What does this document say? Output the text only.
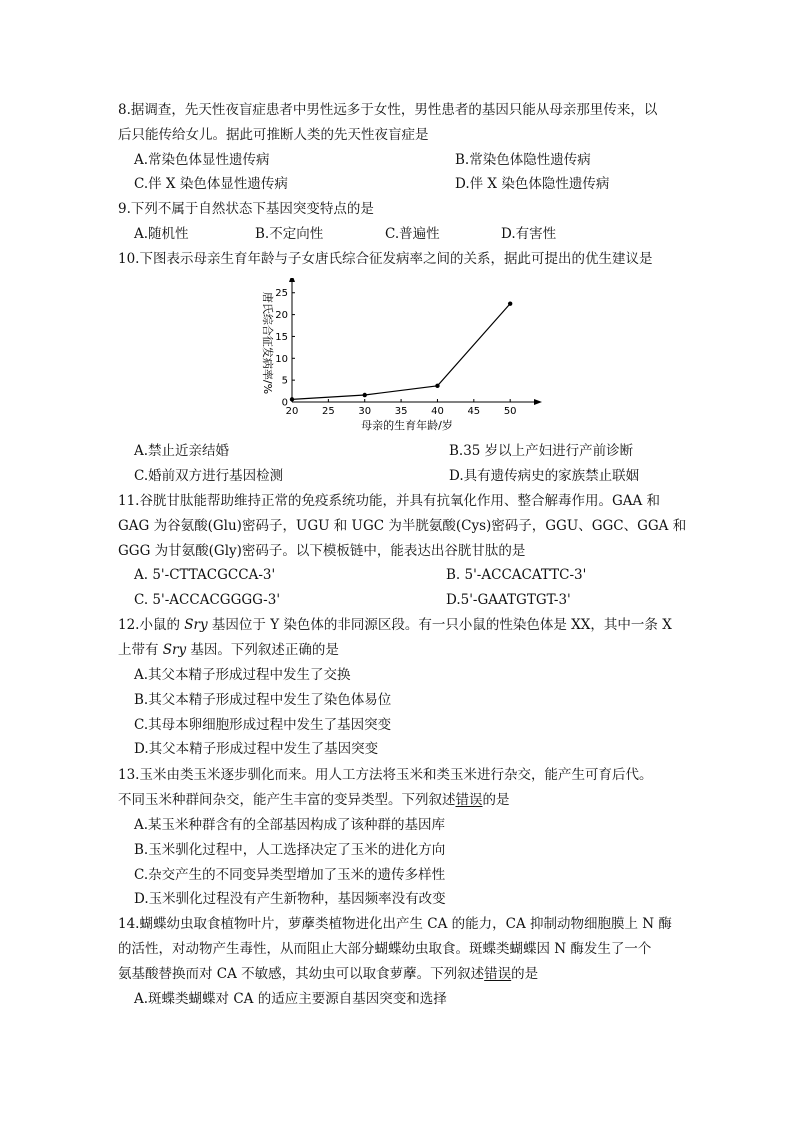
8.据调查，先天性夜盲症患者中男性远多于女性，男性患者的基因只能从母亲那里传来，以
后只能传给女儿。据此可推断人类的先天性夜盲症是
A.常染色体显性遗传病	B.常染色体隐性遗传病
C.伴 X 染色体显性遗传病	D.伴 X 染色体隐性遗传病
9.下列不属于自然状态下基因突变特点的是
A.随机性	B.不定向性	C.普遍性	D.有害性
10.下图表示母亲生育年龄与子女唐氏综合征发病率之间的关系，据此可提出的优生建议是
20 25 30 35 40 45 50
0
5
10
15
20
25
唐氏综合征发病率/%
母亲的生育年龄/岁
A.禁止近亲结婚	B.35 岁以上产妇进行产前诊断
C.婚前双方进行基因检测	D.具有遗传病史的家族禁止联姻
11.谷胱甘肽能帮助维持正常的免疫系统功能，并具有抗氧化作用、整合解毒作用。GAA 和
GAG 为谷氨酸(Glu)密码子，UGU 和 UGC 为半胱氨酸(Cys)密码子，GGU、GGC、GGA 和
GGG 为甘氨酸(Gly)密码子。以下模板链中，能表达出谷胱甘肽的是
A. 5'-CTTACGCCA-3'	B. 5'-ACCACATTC-3'
C. 5'-ACCACGGGG-3'	D.5'-GAATGTGT-3'
12.小鼠的 Sry 基因位于 Y 染色体的非同源区段。有一只小鼠的性染色体是 XX，其中一条 X
上带有 Sry 基因。下列叙述正确的是
A.其父本精子形成过程中发生了交换
B.其父本精子形成过程中发生了染色体易位
C.其母本卵细胞形成过程中发生了基因突变
D.其父本精子形成过程中发生了基因突变
13.玉米由类玉米逐步驯化而来。用人工方法将玉米和类玉米进行杂交，能产生可育后代。
不同玉米种群间杂交，能产生丰富的变异类型。下列叙述错误的是
A.某玉米种群含有的全部基因构成了该种群的基因库
B.玉米驯化过程中，人工选择决定了玉米的进化方向
C.杂交产生的不同变异类型增加了玉米的遗传多样性
D.玉米驯化过程没有产生新物种，基因频率没有改变
14.蝴蝶幼虫取食植物叶片，萝藦类植物进化出产生 CA 的能力，CA 抑制动物细胞膜上 N 酶
的活性，对动物产生毒性，从而阻止大部分蝴蝶幼虫取食。斑蝶类蝴蝶因 N 酶发生了一个
氨基酸替换而对 CA 不敏感，其幼虫可以取食萝藦。下列叙述错误的是
A.斑蝶类蝴蝶对 CA 的适应主要源自基因突变和选择
